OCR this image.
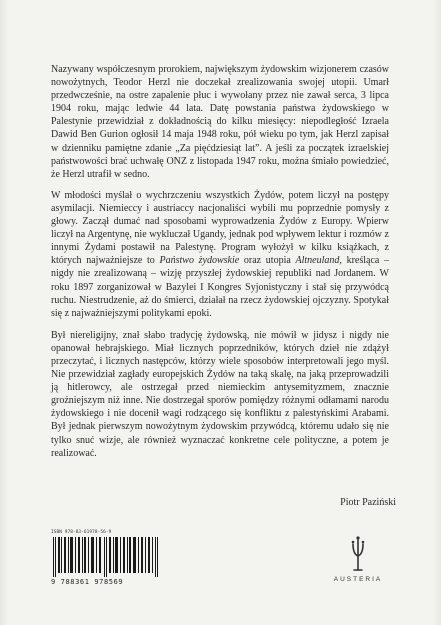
Nazywany współczesnym prorokiem, największym żydowskim wizjonerem czasów nowożytnych, Teodor Herzl nie doczekał zrealizowania swojej utopii. Umarł przedwcześnie, na ostre zapalenie płuc i wywołany przez nie zawał serca, 3 lipca 1904 roku, mając ledwie 44 lata. Datę powstania państwa żydowskiego w Palestynie przewidział z dokładnością do kilku miesięcy: niepodległość Izraela Dawid Ben Gurion ogłosił 14 maja 1948 roku, pół wieku po tym, jak Herzl zapisał w dzienniku pamiętne zdanie „Za pięćdziesiąt lat”. A jeśli za początek izraelskiej państwowości brać uchwałę ONZ z listopada 1947 roku, można śmiało powiedzieć, że Herzl utrafił w sedno.

W młodości myślał o wychrzczeniu wszystkich Żydów, potem liczył na postępy asymilacji. Niemieccy i austriaccy nacjonaliści wybili mu poprzednie pomysły z głowy. Zaczął dumać nad sposobami wyprowadzenia Żydów z Europy. Wpierw liczył na Argentynę, nie wykluczał Ugandy, jednak pod wpływem lektur i rozmów z innymi Żydami postawił na Palestynę. Program wyłożył w kilku książkach, z których najważniejsze to Państwo żydowskie oraz utopia Altneuland, kreśląca – nigdy nie zrealizowaną – wizję przyszłej żydowskiej republiki nad Jordanem. W roku 1897 zorganizował w Bazylei I Kongres Syjonistyczny i stał się przywódcą ruchu. Niestrudzenie, aż do śmierci, działał na rzecz żydowskiej ojczyzny. Spotykał się z najważniejszymi politykami epoki.

Był niereligijny, znał słabo tradycję żydowską, nie mówił w jidysz i nigdy nie opanował hebrajskiego. Miał licznych poprzedników, których dzieł nie zdążył przeczytać, i licznych następców, którzy wiele sposobów interpretowali jego myśl. Nie przewidział zagłady europejskich Żydów na taką skalę, na jaką przeprowadzili ją hitlerowcy, ale ostrzegał przed niemieckim antysemityzmem, znacznie groźniejszym niż inne. Nie dostrzegał sporów pomiędzy różnymi odłamami narodu żydowskiego i nie docenił wagi rodzącego się konfliktu z palestyńskimi Arabami. Był jednak pierwszym nowożytnym żydowskim przywódcą, któremu udało się nie tylko snuć wizje, ale również wyznaczać konkretne cele polityczne, a potem je realizować.

Piotr Paziński
ISBN 978-83-61978-56-9
9 788361 978569	AUSTERIA
